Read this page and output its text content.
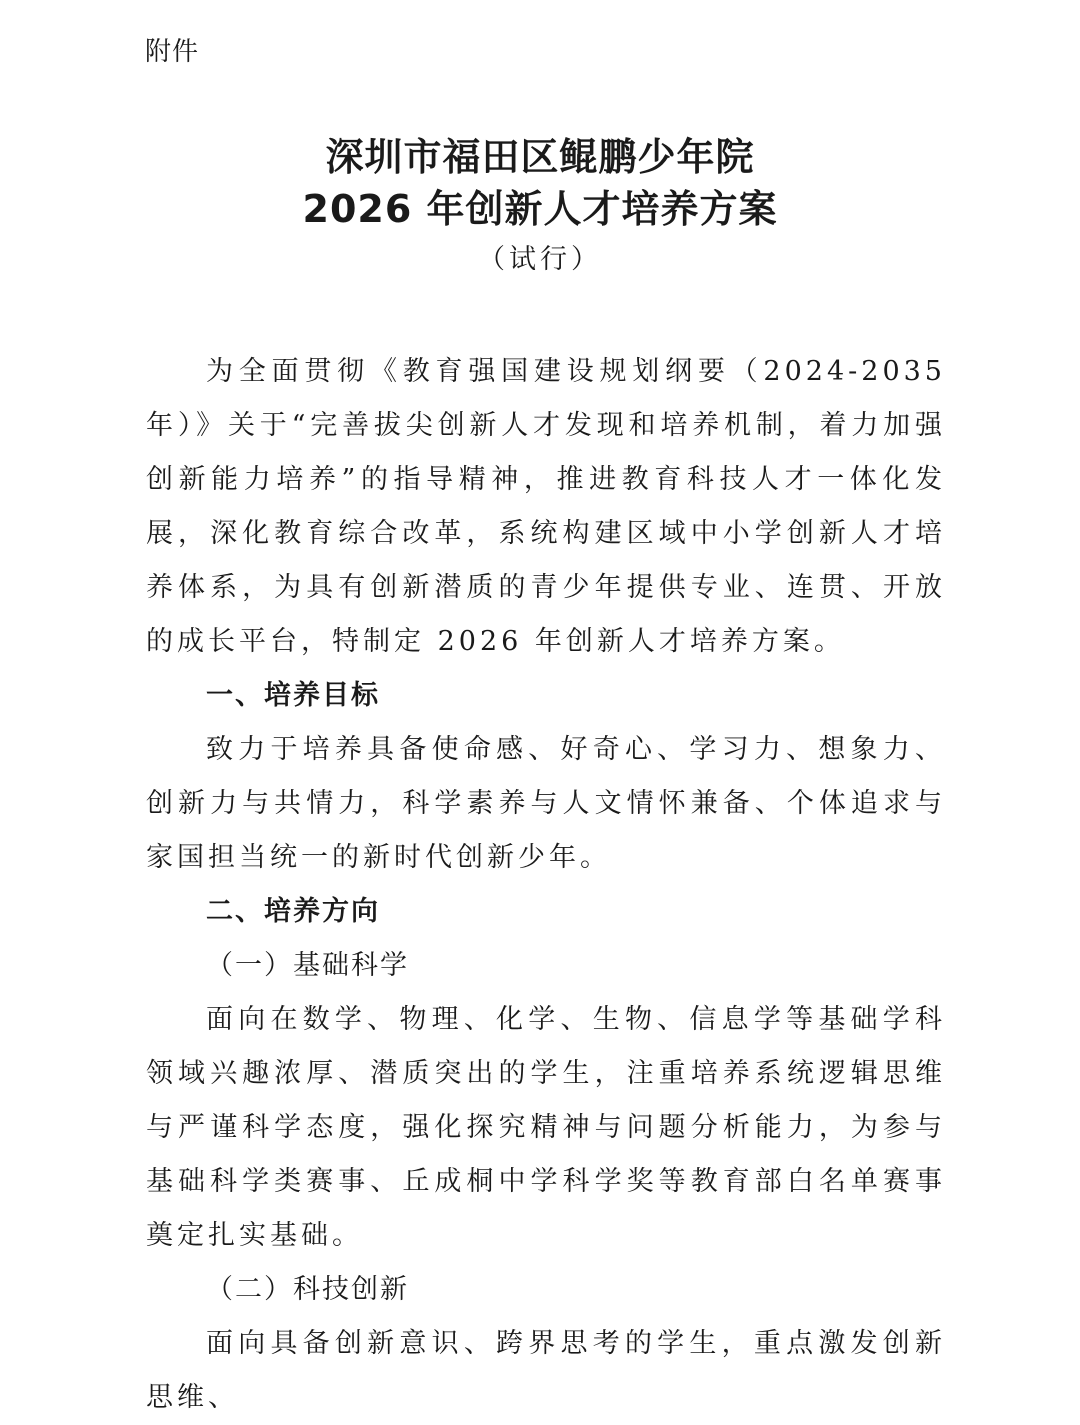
附件
深圳市福田区鲲鹏少年院
2026 年创新人才培养方案
（试行）

为全面贯彻《教育强国建设规划纲要（2024-2035 年）》关于“完善拔尖创新人才发现和培养机制，着力加强创新能力培养”的指导精神，推进教育科技人才一体化发展，深化教育综合改革，系统构建区域中小学创新人才培养体系，为具有创新潜质的青少年提供专业、连贯、开放的成长平台，特制定 2026 年创新人才培养方案。

一、培养目标

致力于培养具备使命感、好奇心、学习力、想象力、创新力与共情力，科学素养与人文情怀兼备、个体追求与家国担当统一的新时代创新少年。

二、培养方向

（一）基础科学

面向在数学、物理、化学、生物、信息学等基础学科领域兴趣浓厚、潜质突出的学生，注重培养系统逻辑思维与严谨科学态度，强化探究精神与问题分析能力，为参与基础科学类赛事、丘成桐中学科学奖等教育部白名单赛事奠定扎实基础。

（二）科技创新

面向具备创新意识、跨界思考的学生，重点激发创新思维、
